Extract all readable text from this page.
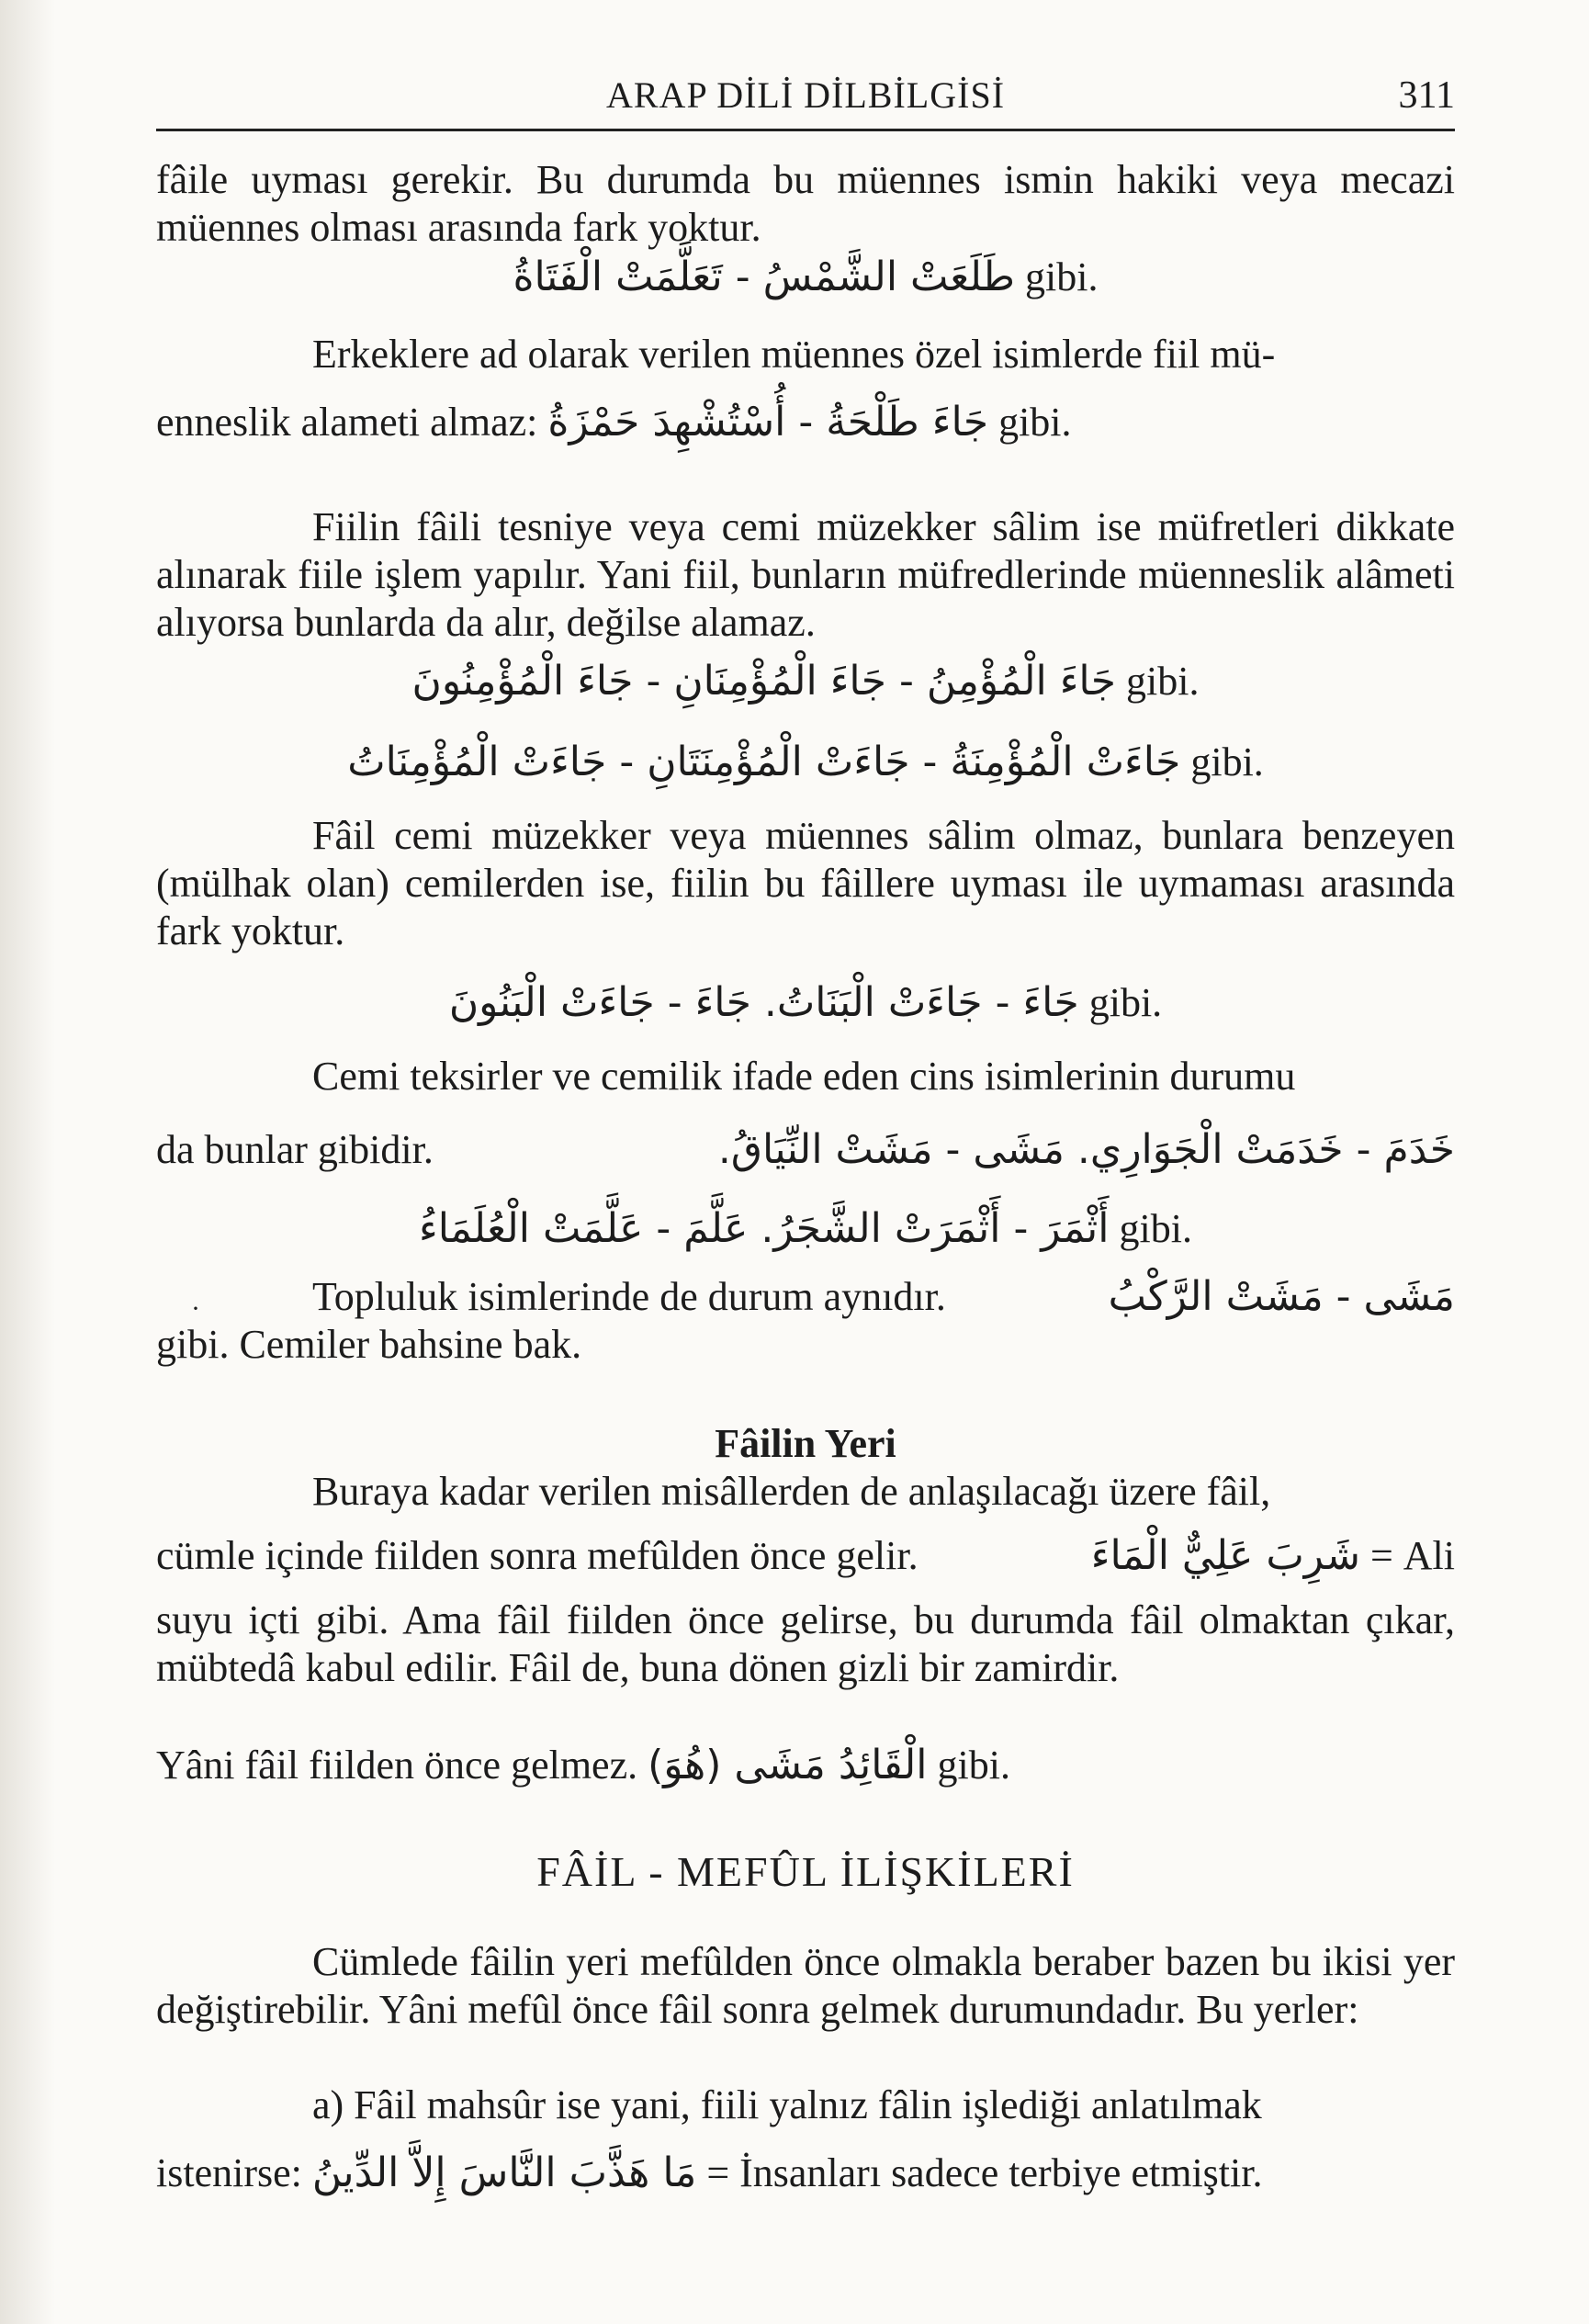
ARAP DİLİ DİLBİLGİSİ	311
fâile uyması gerekir. Bu durumda bu müennes ismin hakiki veya mecazi müennes olması arasında fark yoktur.
طَلَعَتْ الشَّمْسُ - تَعَلَّمَتْ الْفَتَاةُ gibi.
Erkeklere ad olarak verilen müennes özel isimlerde fiil mü-
enneslik alameti almaz: جَاءَ طَلْحَةُ - أُسْتُشْهِدَ حَمْزَةُ gibi.
Fiilin fâili tesniye veya cemi müzekker sâlim ise müfretleri dikkate alınarak fiile işlem yapılır. Yani fiil, bunların müfredlerinde müenneslik alâmeti alıyorsa bunlarda da alır, değilse alamaz.
جَاءَ الْمُؤْمِنُ - جَاءَ الْمُؤْمِنَانِ - جَاءَ الْمُؤْمِنُونَ gibi.
جَاءَتْ الْمُؤْمِنَةُ - جَاءَتْ الْمُؤْمِنَتَانِ - جَاءَتْ الْمُؤْمِنَاتُ gibi.
Fâil cemi müzekker veya müennes sâlim olmaz, bunlara benzeyen (mülhak olan) cemilerden ise, fiilin bu fâillere uyması ile uymaması arasında fark yoktur.
جَاءَ - جَاءَتْ الْبَنَاتُ. جَاءَ - جَاءَتْ الْبَنُونَ gibi.
Cemi teksirler ve cemilik ifade eden cins isimlerinin durumu
da bunlar gibidir.	خَدَمَ - خَدَمَتْ الْجَوَارِي. مَشَى - مَشَتْ النِّيَاقُ.
أَثْمَرَ - أَثْمَرَتْ الشَّجَرُ. عَلَّمَ - عَلَّمَتْ الْعُلَمَاءُ gibi.
·	Topluluk isimlerinde de durum aynıdır.	مَشَى - مَشَتْ الرَّكْبُ
gibi. Cemiler bahsine bak.
Fâilin Yeri
Buraya kadar verilen misâllerden de anlaşılacağı üzere fâil,
cümle içinde fiilden sonra mefûlden önce gelir.	شَرِبَ عَلِيٌّ الْمَاءَ = Ali
suyu içti gibi. Ama fâil fiilden önce gelirse, bu durumda fâil olmaktan çıkar, mübtedâ kabul edilir. Fâil de, buna dönen gizli bir zamirdir.
Yâni fâil fiilden önce gelmez. الْقَائِدُ مَشَى (هُوَ) gibi.
FÂİL - MEFÛL İLİŞKİLERİ
Cümlede fâilin yeri mefûlden önce olmakla beraber bazen bu ikisi yer değiştirebilir. Yâni mefûl önce fâil sonra gelmek durumundadır. Bu yerler:
a) Fâil mahsûr ise yani, fiili yalnız fâlin işlediği anlatılmak
istenirse: مَا هَذَّبَ النَّاسَ إِلاَّ الدِّينُ = İnsanları sadece terbiye etmiştir.
